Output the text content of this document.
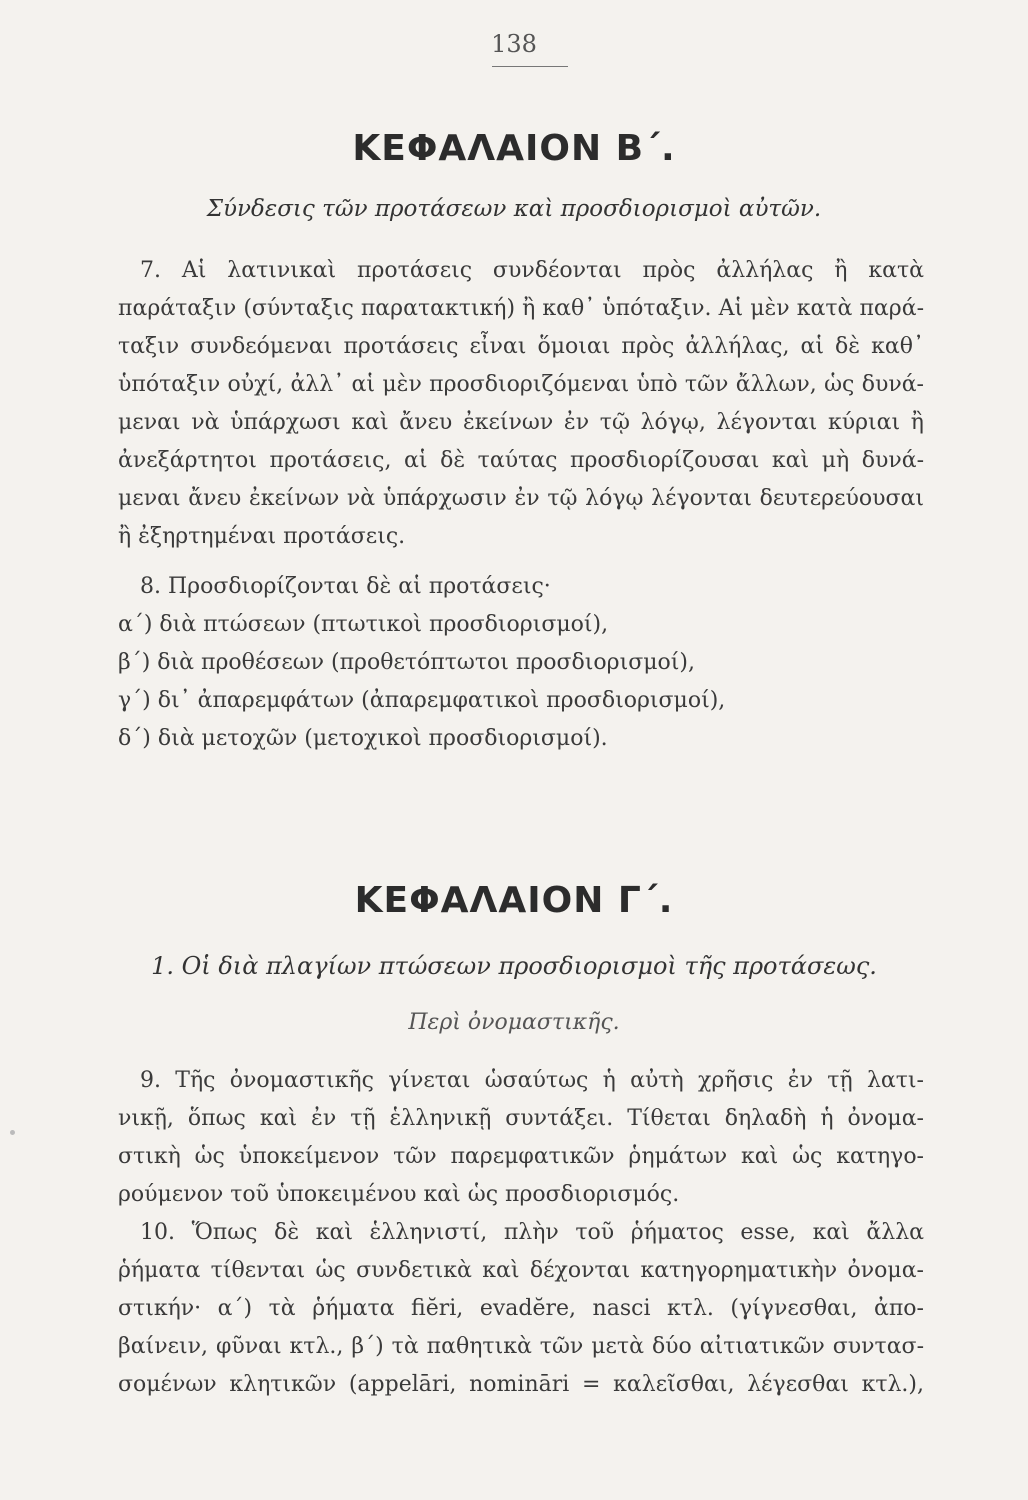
138
ΚΕΦΑΛΑΙΟΝ Β΄.
Σύνδεσις τῶν προτάσεων καὶ προσδιορισμοὶ αὐτῶν.
7. Αἱ λατινικαὶ προτάσεις συνδέονται πρὸς ἀλλήλας ἢ κατὰ
παράταξιν (σύνταξις παρατακτική) ἢ καθ᾽ ὑπόταξιν. Αἱ μὲν κατὰ παρά-
ταξιν συνδεόμεναι προτάσεις εἶναι ὅμοιαι πρὸς ἀλλήλας, αἱ δὲ καθ᾽
ὑπόταξιν οὐχί, ἀλλ᾽ αἱ μὲν προσδιοριζόμεναι ὑπὸ τῶν ἄλλων, ὡς δυνά-
μεναι νὰ ὑπάρχωσι καὶ ἄνευ ἐκείνων ἐν τῷ λόγῳ, λέγονται κύριαι ἢ
ἀνεξάρτητοι προτάσεις, αἱ δὲ ταύτας προσδιορίζουσαι καὶ μὴ δυνά-
μεναι ἄνευ ἐκείνων νὰ ὑπάρχωσιν ἐν τῷ λόγῳ λέγονται δευτερεύουσαι
ἢ ἐξηρτημέναι προτάσεις.
8. Προσδιορίζονται δὲ αἱ προτάσεις·
α΄) διὰ πτώσεων (πτωτικοὶ προσδιορισμοί),
β΄) διὰ προθέσεων (προθετόπτωτοι προσδιορισμοί),
γ΄) δι᾽ ἀπαρεμφάτων (ἀπαρεμφατικοὶ προσδιορισμοί),
δ΄) διὰ μετοχῶν (μετοχικοὶ προσδιορισμοί).
ΚΕΦΑΛΑΙΟΝ Γ΄.
1. Οἱ διὰ πλαγίων πτώσεων προσδιορισμοὶ τῆς προτάσεως.
Περὶ ὀνομαστικῆς.
9. Τῆς ὀνομαστικῆς γίνεται ὡσαύτως ἡ αὐτὴ χρῆσις ἐν τῇ λατι-
νικῇ, ὅπως καὶ ἐν τῇ ἑλληνικῇ συντάξει. Τίθεται δηλαδὴ ἡ ὀνομα-
στικὴ ὡς ὑποκείμενον τῶν παρεμφατικῶν ῥημάτων καὶ ὡς κατηγο-
ρούμενον τοῦ ὑποκειμένου καὶ ὡς προσδιορισμός.
10. Ὅπως δὲ καὶ ἑλληνιστί, πλὴν τοῦ ῥήματος esse, καὶ ἄλλα
ῥήματα τίθενται ὡς συνδετικὰ καὶ δέχονται κατηγορηματικὴν ὀνομα-
στικήν· α΄) τὰ ῥήματα fiĕri, evadĕre, nasci κτλ. (γίγνεσθαι, ἀπο-
βαίνειν, φῦναι κτλ., β΄) τὰ παθητικὰ τῶν μετὰ δύο αἰτιατικῶν συντασ-
σομένων κλητικῶν (appelāri, nomināri = καλεῖσθαι, λέγεσθαι κτλ.),
